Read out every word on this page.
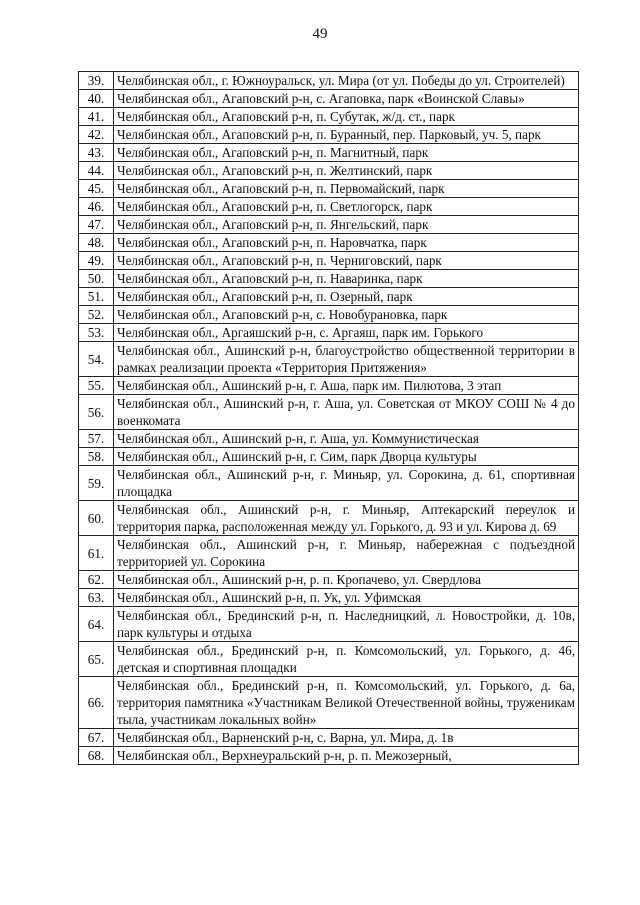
49
39.	Челябинская обл., г. Южноуральск, ул. Мира (от ул. Победы до ул. Строителей)
40.	Челябинская обл., Агаповский р-н, с. Агаповка, парк «Воинской Славы»
41.	Челябинская обл., Агаповский р-н, п. Субутак, ж/д. ст., парк
42.	Челябинская обл., Агаповский р-н, п. Буранный, пер. Парковый, уч. 5, парк
43.	Челябинская обл., Агаповский р-н, п. Магнитный, парк
44.	Челябинская обл., Агаповский р-н, п. Желтинский, парк
45.	Челябинская обл., Агаповский р-н, п. Первомайский, парк
46.	Челябинская обл., Агаповский р-н, п. Светлогорск, парк
47.	Челябинская обл., Агаповский р-н, п. Янгельский, парк
48.	Челябинская обл., Агаповский р-н, п. Наровчатка, парк
49.	Челябинская обл., Агаповский р-н, п. Черниговский, парк
50.	Челябинская обл., Агаповский р-н, п. Наваринка, парк
51.	Челябинская обл., Агаповский р-н, п. Озерный, парк
52.	Челябинская обл., Агаповский р-н, с. Новобурановка, парк
53.	Челябинская обл., Аргаяшский р-н, с. Аргаяш, парк им. Горького
54.	Челябинская обл., Ашинский р-н, благоустройство общественной территории в рамках реализации проекта «Территория Притяжения»
55.	Челябинская обл., Ашинский р-н, г. Аша, парк им. Пилютова, 3 этап
56.	Челябинская обл., Ашинский р-н, г. Аша, ул. Советская от МКОУ СОШ № 4 до военкомата
57.	Челябинская обл., Ашинский р-н, г. Аша, ул. Коммунистическая
58.	Челябинская обл., Ашинский р-н, г. Сим, парк Дворца культуры
59.	Челябинская обл., Ашинский р-н, г. Миньяр, ул. Сорокина, д. 61, спортивная площадка
60.	Челябинская обл., Ашинский р-н, г. Миньяр, Аптекарский переулок и территория парка, расположенная между ул. Горького, д. 93 и ул. Кирова д. 69
61.	Челябинская обл., Ашинский р-н, г. Миньяр, набережная с подъездной территорией ул. Сорокина
62.	Челябинская обл., Ашинский р-н, р. п. Кропачево, ул. Свердлова
63.	Челябинская обл., Ашинский р-н, п. Ук, ул. Уфимская
64.	Челябинская обл., Брединский р-н, п. Наследницкий, л. Новостройки, д. 10в, парк культуры и отдыха
65.	Челябинская обл., Брединский р-н, п. Комсомольский, ул. Горького, д. 46, детская и спортивная площадки
66.	Челябинская обл., Брединский р-н, п. Комсомольский, ул. Горького, д. 6а, территория памятника «Участникам Великой Отечественной войны, труженикам тыла, участникам локальных войн»
67.	Челябинская обл., Варненский р-н, с. Варна, ул. Мира, д. 1в
68.	Челябинская обл., Верхнеуральский р-н, р. п. Межозерный,
